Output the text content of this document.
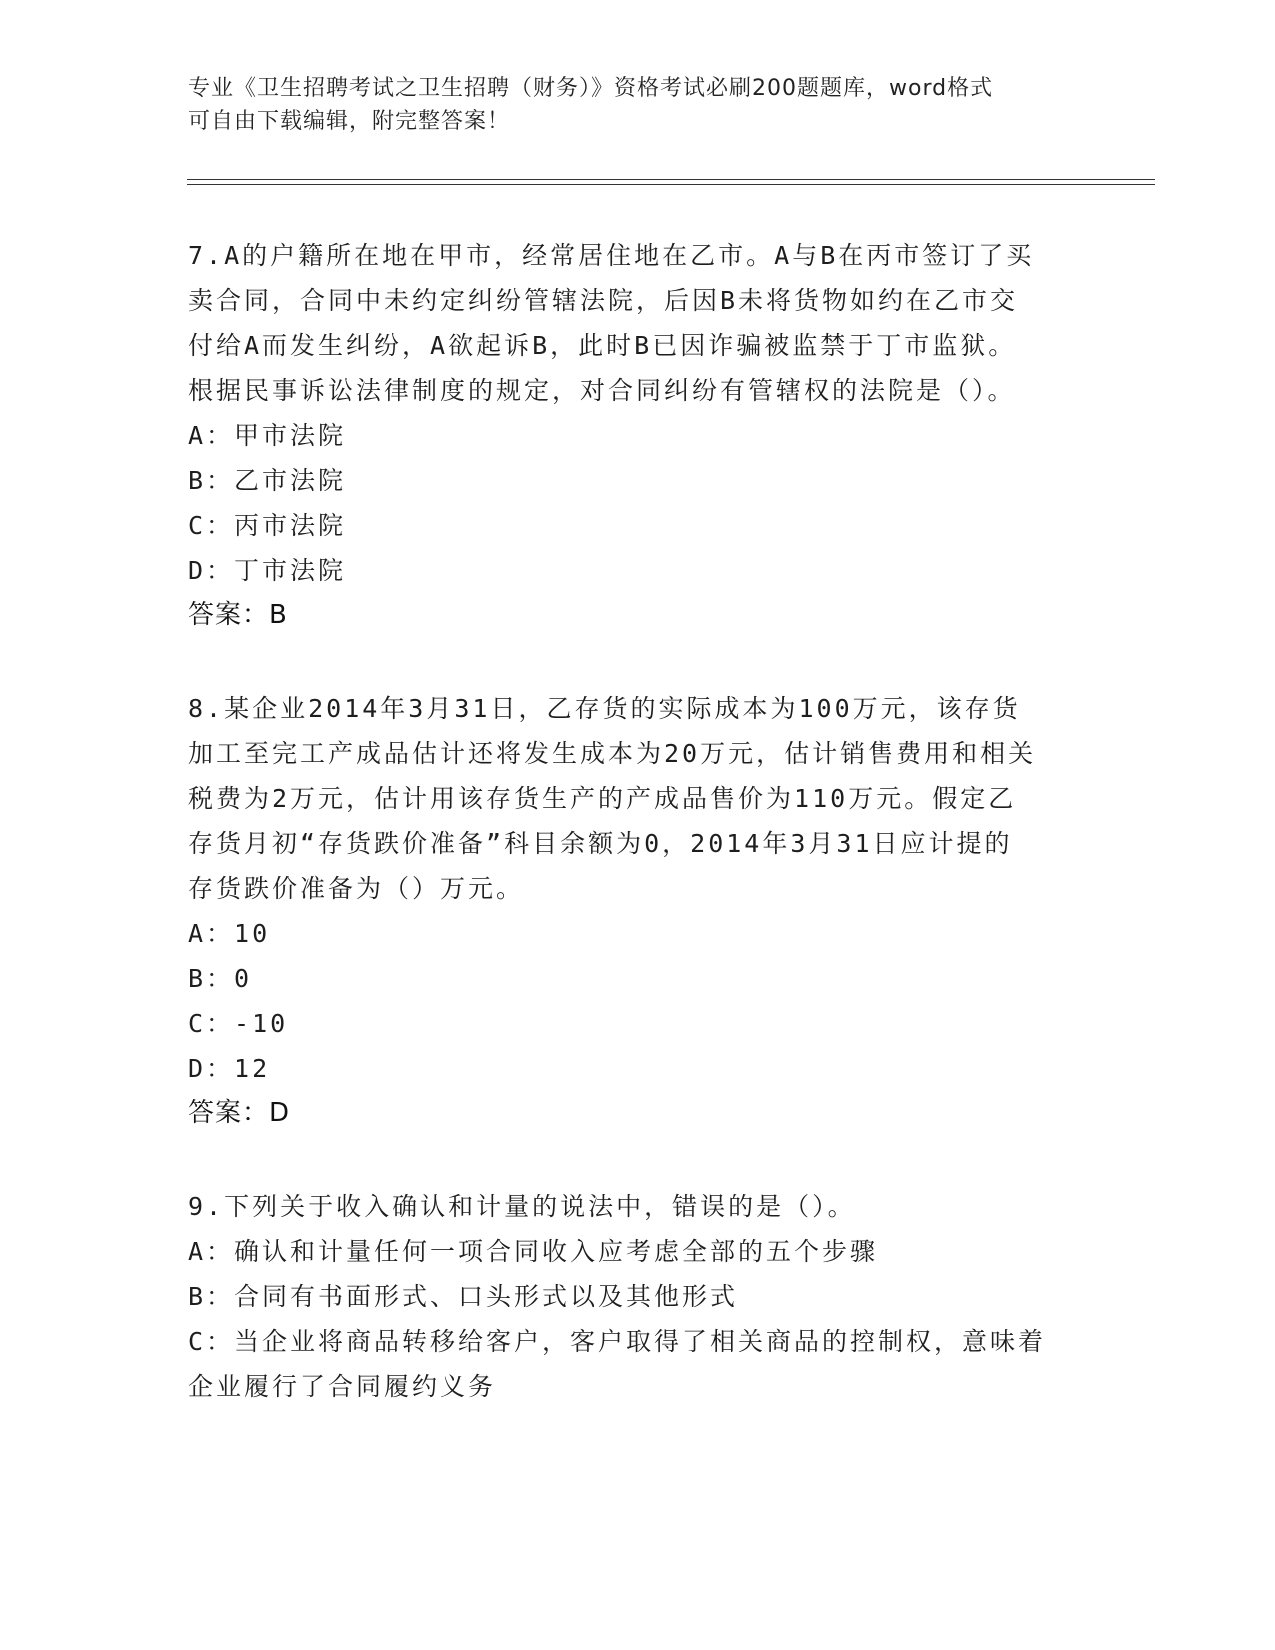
专业《卫生招聘考试之卫生招聘（财务）》资格考试必刷200题题库，word格式
可自由下载编辑，附完整答案！
7.A的户籍所在地在甲市，经常居住地在乙市。A与B在丙市签订了买
卖合同，合同中未约定纠纷管辖法院，后因B未将货物如约在乙市交
付给A而发生纠纷，A欲起诉B，此时B已因诈骗被监禁于丁市监狱。
根据民事诉讼法律制度的规定，对合同纠纷有管辖权的法院是（）。
A：甲市法院
B：乙市法院
C：丙市法院
D：丁市法院
答案：B
8.某企业2014年3月31日，乙存货的实际成本为100万元，该存货
加工至完工产成品估计还将发生成本为20万元，估计销售费用和相关
税费为2万元，估计用该存货生产的产成品售价为110万元。假定乙
存货月初“存货跌价准备”科目余额为0，2014年3月31日应计提的
存货跌价准备为（）万元。
A：10
B：0
C：-10
D：12
答案：D
9.下列关于收入确认和计量的说法中，错误的是（）。
A：确认和计量任何一项合同收入应考虑全部的五个步骤
B：合同有书面形式、口头形式以及其他形式
C：当企业将商品转移给客户，客户取得了相关商品的控制权，意味着
企业履行了合同履约义务
